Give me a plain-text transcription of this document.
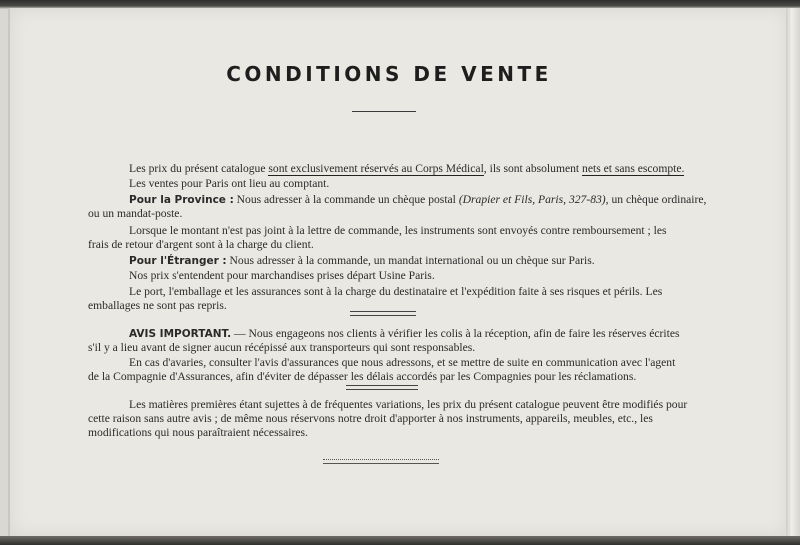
CONDITIONS DE VENTE
Les prix du présent catalogue sont exclusivement réservés au Corps Médical, ils sont absolument nets et sans escompte.
Les ventes pour Paris ont lieu au comptant.
Pour la Province : Nous adresser à la commande un chèque postal (Drapier et Fils, Paris, 327-83), un chèque ordinaire,
ou un mandat-poste.
Lorsque le montant n'est pas joint à la lettre de commande, les instruments sont envoyés contre remboursement ; les
frais de retour d'argent sont à la charge du client.
Pour l'Étranger : Nous adresser à la commande, un mandat international ou un chèque sur Paris.
Nos prix s'entendent pour marchandises prises départ Usine Paris.
Le port, l'emballage et les assurances sont à la charge du destinataire et l'expédition faite à ses risques et périls. Les
emballages ne sont pas repris.
AVIS IMPORTANT. — Nous engageons nos clients à vérifier les colis à la réception, afin de faire les réserves écrites
s'il y a lieu avant de signer aucun récépissé aux transporteurs qui sont responsables.
En cas d'avaries, consulter l'avis d'assurances que nous adressons, et se mettre de suite en communication avec l'agent
de la Compagnie d'Assurances, afin d'éviter de dépasser les délais accordés par les Compagnies pour les réclamations.
Les matières premières étant sujettes à de fréquentes variations, les prix du présent catalogue peuvent être modifiés pour
cette raison sans autre avis ; de même nous réservons notre droit d'apporter à nos instruments, appareils, meubles, etc., les
modifications qui nous paraîtraient nécessaires.
